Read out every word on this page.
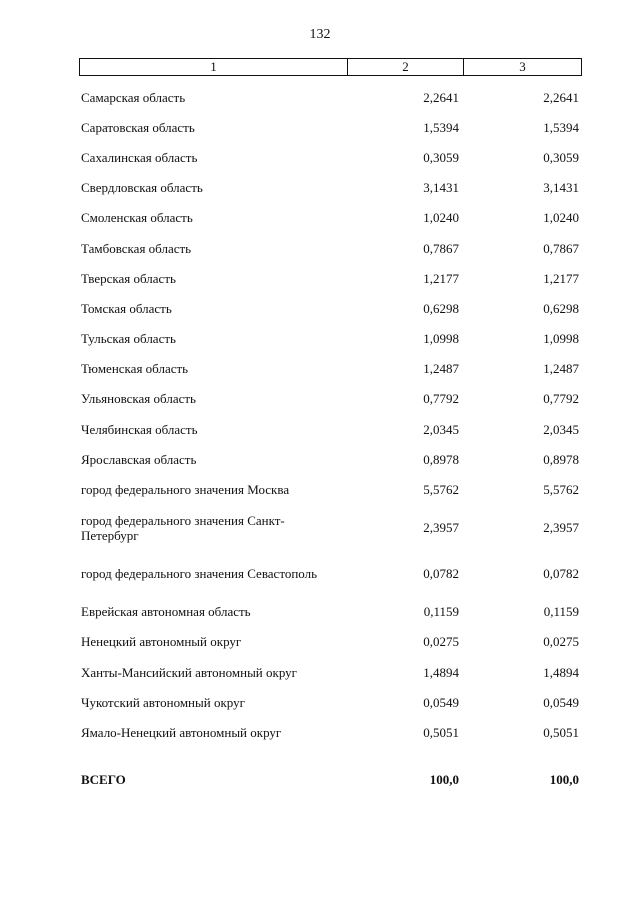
132
1	2	3
Самарская область	2,2641	2,2641
Саратовская область	1,5394	1,5394
Сахалинская область	0,3059	0,3059
Свердловская область	3,1431	3,1431
Смоленская область	1,0240	1,0240
Тамбовская область	0,7867	0,7867
Тверская область	1,2177	1,2177
Томская область	0,6298	0,6298
Тульская область	1,0998	1,0998
Тюменская область	1,2487	1,2487
Ульяновская область	0,7792	0,7792
Челябинская область	2,0345	2,0345
Ярославская область	0,8978	0,8978
город федерального значения Москва	5,5762	5,5762
город федерального значения Санкт-Петербург	2,3957	2,3957
город федерального значения Севастополь	0,0782	0,0782
Еврейская автономная область	0,1159	0,1159
Ненецкий автономный округ	0,0275	0,0275
Ханты-Мансийский автономный округ	1,4894	1,4894
Чукотский автономный округ	0,0549	0,0549
Ямало-Ненецкий автономный округ	0,5051	0,5051
ВСЕГО	100,0	100,0
